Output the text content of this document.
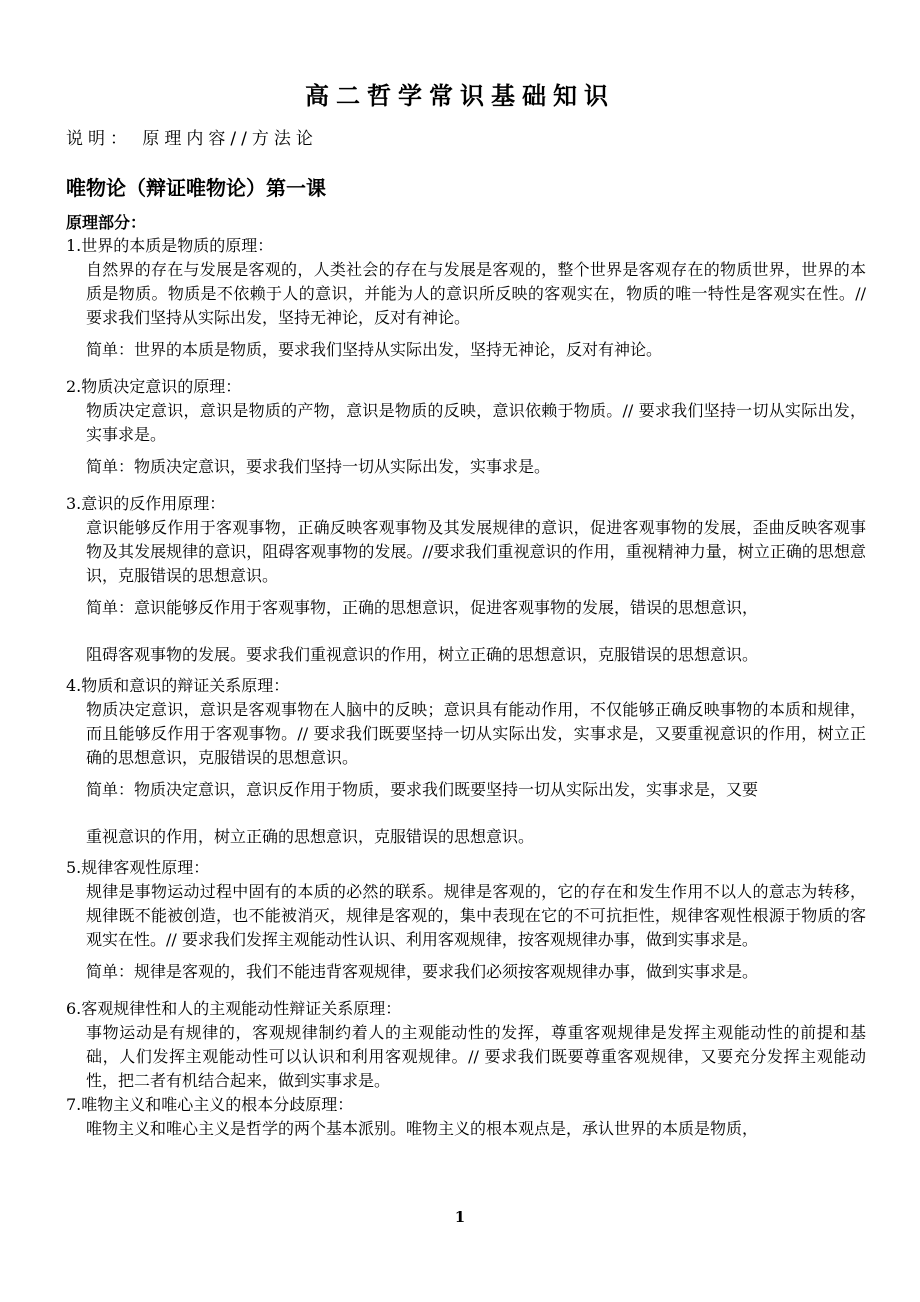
高二哲学常识基础知识
说明： 原理内容//方法论
唯物论（辩证唯物论）第一课
原理部分：
1.世界的本质是物质的原理：
自然界的存在与发展是客观的，人类社会的存在与发展是客观的，整个世界是客观存在的物质世界，世界的本质是物质。物质是不依赖于人的意识，并能为人的意识所反映的客观实在，物质的唯一特性是客观实在性。// 要求我们坚持从实际出发，坚持无神论，反对有神论。
简单：世界的本质是物质，要求我们坚持从实际出发，坚持无神论，反对有神论。
2.物质决定意识的原理：
物质决定意识，意识是物质的产物，意识是物质的反映，意识依赖于物质。// 要求我们坚持一切从实际出发，实事求是。
简单：物质决定意识，要求我们坚持一切从实际出发，实事求是。
3.意识的反作用原理：
意识能够反作用于客观事物，正确反映客观事物及其发展规律的意识，促进客观事物的发展，歪曲反映客观事物及其发展规律的意识，阻碍客观事物的发展。//要求我们重视意识的作用，重视精神力量，树立正确的思想意识，克服错误的思想意识。
简单：意识能够反作用于客观事物，正确的思想意识，促进客观事物的发展，错误的思想意识，
阻碍客观事物的发展。要求我们重视意识的作用，树立正确的思想意识，克服错误的思想意识。
4.物质和意识的辩证关系原理：
物质决定意识，意识是客观事物在人脑中的反映；意识具有能动作用，不仅能够正确反映事物的本质和规律，而且能够反作用于客观事物。// 要求我们既要坚持一切从实际出发，实事求是，又要重视意识的作用，树立正确的思想意识，克服错误的思想意识。
简单：物质决定意识，意识反作用于物质，要求我们既要坚持一切从实际出发，实事求是，又要
重视意识的作用，树立正确的思想意识，克服错误的思想意识。
5.规律客观性原理：
规律是事物运动过程中固有的本质的必然的联系。规律是客观的，它的存在和发生作用不以人的意志为转移，规律既不能被创造，也不能被消灭，规律是客观的，集中表现在它的不可抗拒性，规律客观性根源于物质的客观实在性。// 要求我们发挥主观能动性认识、利用客观规律，按客观规律办事，做到实事求是。
简单：规律是客观的，我们不能违背客观规律，要求我们必须按客观规律办事，做到实事求是。
6.客观规律性和人的主观能动性辩证关系原理：
事物运动是有规律的，客观规律制约着人的主观能动性的发挥，尊重客观规律是发挥主观能动性的前提和基础，人们发挥主观能动性可以认识和利用客观规律。// 要求我们既要尊重客观规律，又要充分发挥主观能动性，把二者有机结合起来，做到实事求是。
7.唯物主义和唯心主义的根本分歧原理：
唯物主义和唯心主义是哲学的两个基本派别。唯物主义的根本观点是，承认世界的本质是物质，
1
